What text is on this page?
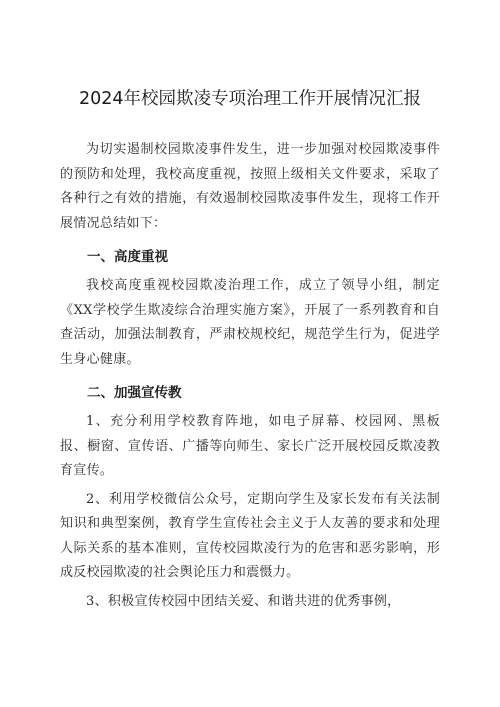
2024年校园欺凌专项治理工作开展情况汇报

为切实遏制校园欺凌事件发生，进一步加强对校园欺凌事件的预防和处理，我校高度重视，按照上级相关文件要求，采取了各种行之有效的措施，有效遏制校园欺凌事件发生，现将工作开展情况总结如下：

一、高度重视

我校高度重视校园欺凌治理工作，成立了领导小组，制定《XX学校学生欺凌综合治理实施方案》，开展了一系列教育和自查活动，加强法制教育，严肃校规校纪，规范学生行为，促进学生身心健康。

二、加强宣传教

1、充分利用学校教育阵地，如电子屏幕、校园网、黑板报、橱窗、宣传语、广播等向师生、家长广泛开展校园反欺凌教育宣传。

2、利用学校微信公众号，定期向学生及家长发布有关法制知识和典型案例，教育学生宣传社会主义于人友善的要求和处理人际关系的基本准则，宣传校园欺凌行为的危害和恶劣影响，形成反校园欺凌的社会舆论压力和震慑力。

3、积极宣传校园中团结关爱、和谐共进的优秀事例，
